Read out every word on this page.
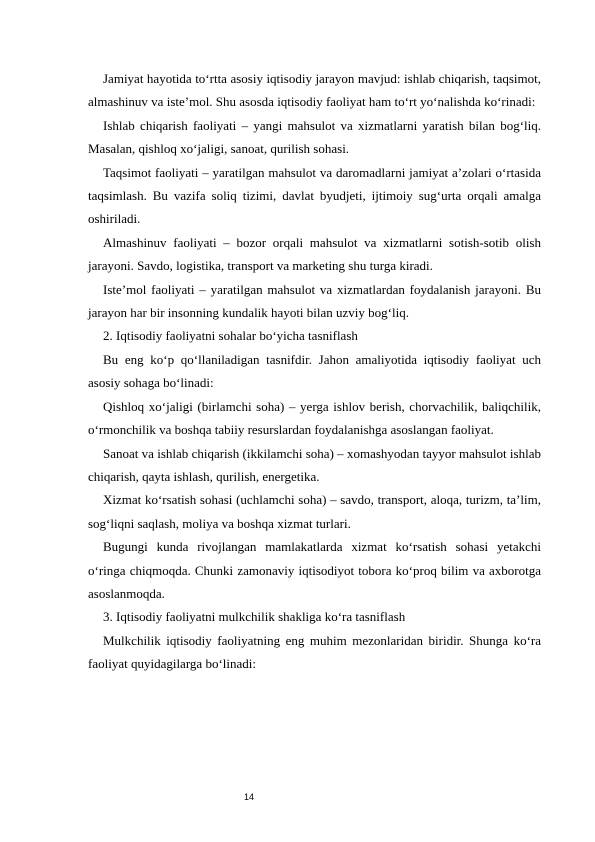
Jamiyat hayotida to‘rtta asosiy iqtisodiy jarayon mavjud: ishlab chiqarish, taqsimot, almashinuv va iste’mol. Shu asosda iqtisodiy faoliyat ham to‘rt yo‘nalishda ko‘rinadi:

Ishlab chiqarish faoliyati – yangi mahsulot va xizmatlarni yaratish bilan bog‘liq. Masalan, qishloq xo‘jaligi, sanoat, qurilish sohasi.

Taqsimot faoliyati – yaratilgan mahsulot va daromadlarni jamiyat a’zolari o‘rtasida taqsimlash. Bu vazifa soliq tizimi, davlat byudjeti, ijtimoiy sug‘urta orqali amalga oshiriladi.

Almashinuv faoliyati – bozor orqali mahsulot va xizmatlarni sotish-sotib olish jarayoni. Savdo, logistika, transport va marketing shu turga kiradi.

Iste’mol faoliyati – yaratilgan mahsulot va xizmatlardan foydalanish jarayoni. Bu jarayon har bir insonning kundalik hayoti bilan uzviy bog‘liq.

2. Iqtisodiy faoliyatni sohalar bo‘yicha tasniflash

Bu eng ko‘p qo‘llaniladigan tasnifdir. Jahon amaliyotida iqtisodiy faoliyat uch asosiy sohaga bo‘linadi:

Qishloq xo‘jaligi (birlamchi soha) – yerga ishlov berish, chorvachilik, baliqchilik, o‘rmonchilik va boshqa tabiiy resurslardan foydalanishga asoslangan faoliyat.

Sanoat va ishlab chiqarish (ikkilamchi soha) – xomashyodan tayyor mahsulot ishlab chiqarish, qayta ishlash, qurilish, energetika.

Xizmat ko‘rsatish sohasi (uchlamchi soha) – savdo, transport, aloqa, turizm, ta’lim, sog‘liqni saqlash, moliya va boshqa xizmat turlari.

Bugungi kunda rivojlangan mamlakatlarda xizmat ko‘rsatish sohasi yetakchi o‘ringa chiqmoqda. Chunki zamonaviy iqtisodiyot tobora ko‘proq bilim va axborotga asoslanmoqda.

3. Iqtisodiy faoliyatni mulkchilik shakliga ko‘ra tasniflash

Mulkchilik iqtisodiy faoliyatning eng muhim mezonlaridan biridir. Shunga ko‘ra faoliyat quyidagilarga bo‘linadi:

14
